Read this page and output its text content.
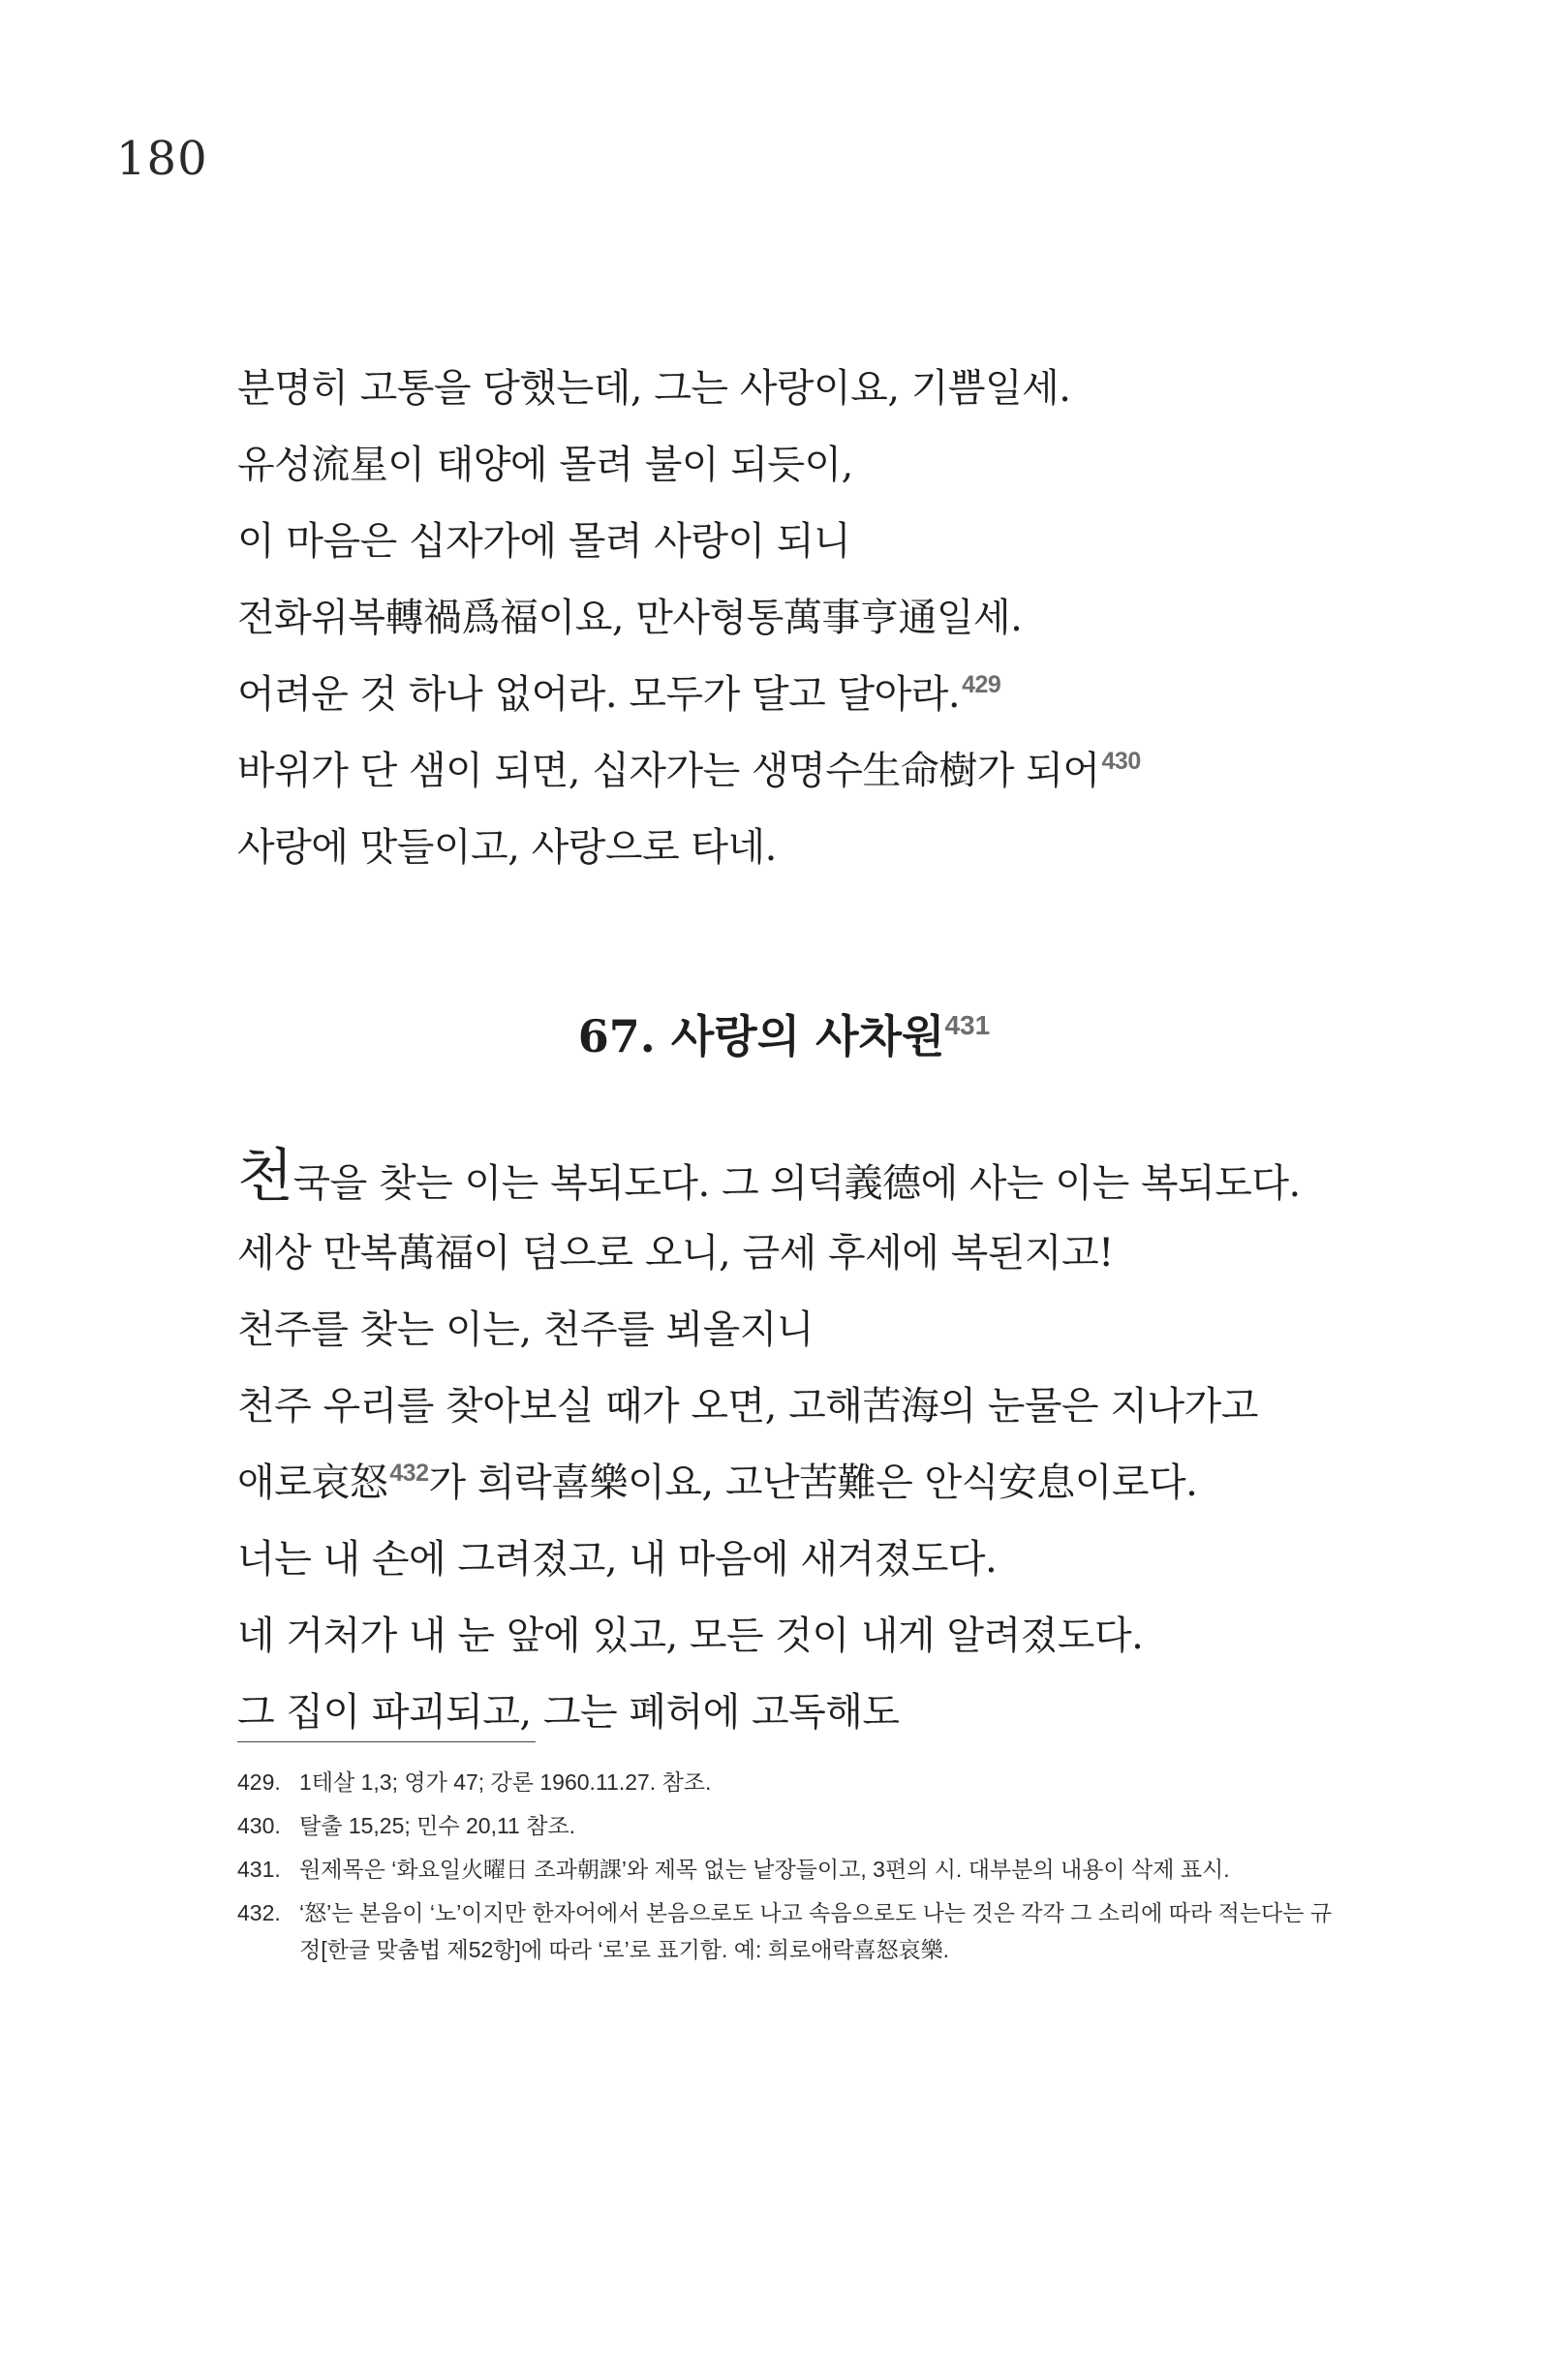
180
분명히 고통을 당했는데, 그는 사랑이요, 기쁨일세.
유성流星이 태양에 몰려 불이 되듯이,
이 마음은 십자가에 몰려 사랑이 되니
전화위복轉禍爲福이요, 만사형통萬事亨通일세.
어려운 것 하나 없어라. 모두가 달고 달아라.$^{429}$
바위가 단 샘이 되면, 십자가는 생명수生命樹가 되어$^{430}$
사랑에 맛들이고, 사랑으로 타네.
67. 사랑의 사차원$^{431}$
천국을 찾는 이는 복되도다. 그 의덕義德에 사는 이는 복되도다.
세상 만복萬福이 덤으로 오니, 금세 후세에 복된지고!
천주를 찾는 이는, 천주를 뵈올지니
천주 우리를 찾아보실 때가 오면, 고해苦海의 눈물은 지나가고
애로哀怒$^{432}$가 희락喜樂이요, 고난苦難은 안식安息이로다.
너는 내 손에 그려졌고, 내 마음에 새겨졌도다.
네 거처가 내 눈 앞에 있고, 모든 것이 내게 알려졌도다.
그 집이 파괴되고, 그는 폐허에 고독해도
429. 1테살 1,3; 영가 47; 강론 1960.11.27. 참조.
430. 탈출 15,25; 민수 20,11 참조.
431. 원제목은 ‘화요일火曜日 조과朝課’와 제목 없는 낱장들이고, 3편의 시. 대부분의 내용이 삭제 표시.
432. ‘怒’는 본음이 ‘노’이지만 한자어에서 본음으로도 나고 속음으로도 나는 것은 각각 그 소리에 따라 적는다는 규정[한글 맞춤법 제52항]에 따라 ‘로’로 표기함. 예: 희로애락喜怒哀樂.
